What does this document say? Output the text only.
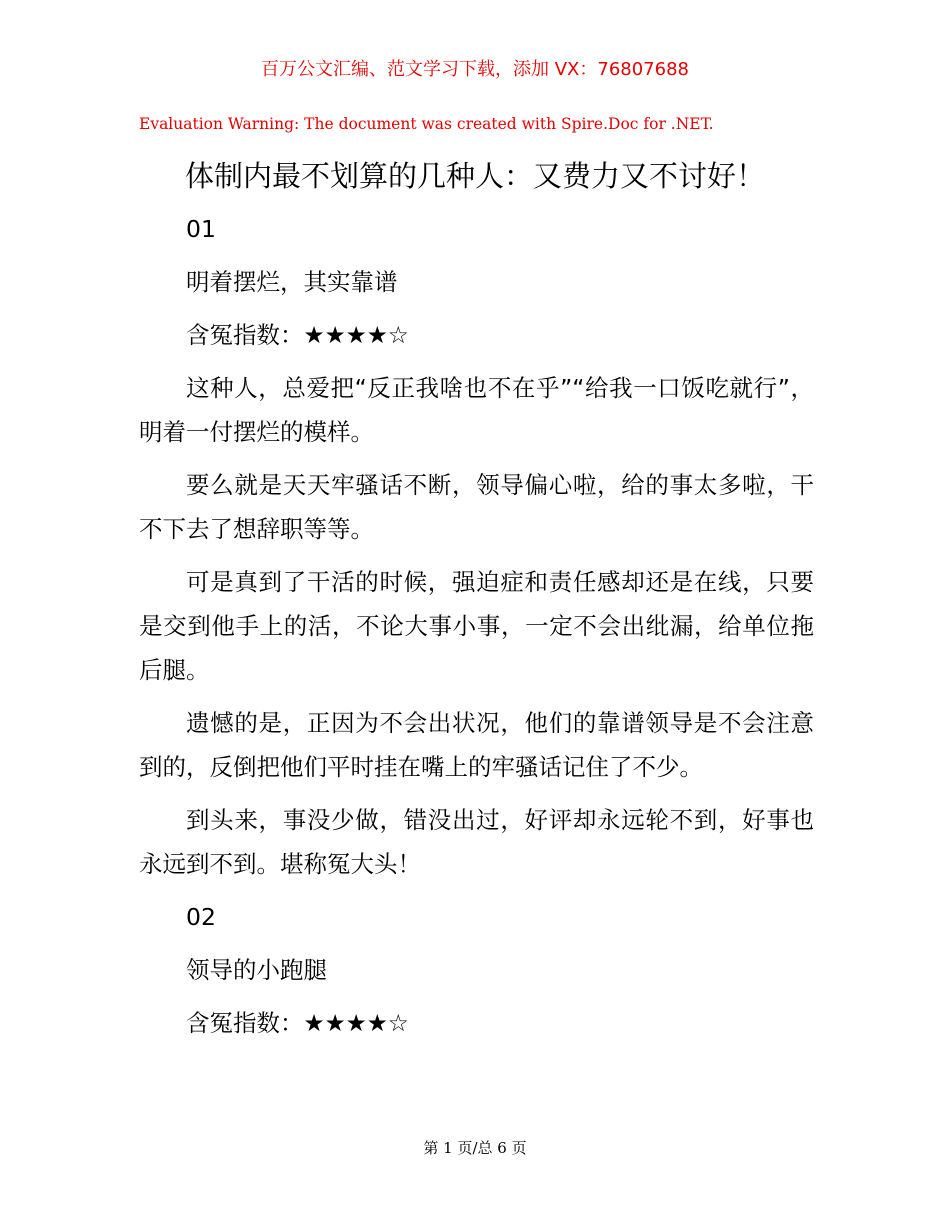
百万公文汇编、范文学习下载，添加 VX：76807688
Evaluation Warning: The document was created with Spire.Doc for .NET.
体制内最不划算的几种人：又费力又不讨好！

01

明着摆烂，其实靠谱

含冤指数：★★★★☆

这种人，总爱把“反正我啥也不在乎”“给我一口饭吃就行”，明着一付摆烂的模样。

要么就是天天牢骚话不断，领导偏心啦，给的事太多啦，干不下去了想辞职等等。

可是真到了干活的时候，强迫症和责任感却还是在线，只要是交到他手上的活，不论大事小事，一定不会出纰漏，给单位拖后腿。

遗憾的是，正因为不会出状况，他们的靠谱领导是不会注意到的，反倒把他们平时挂在嘴上的牢骚话记住了不少。

到头来，事没少做，错没出过，好评却永远轮不到，好事也永远到不到。堪称冤大头！

02

领导的小跑腿

含冤指数：★★★★☆

第 1 页/总 6 页
